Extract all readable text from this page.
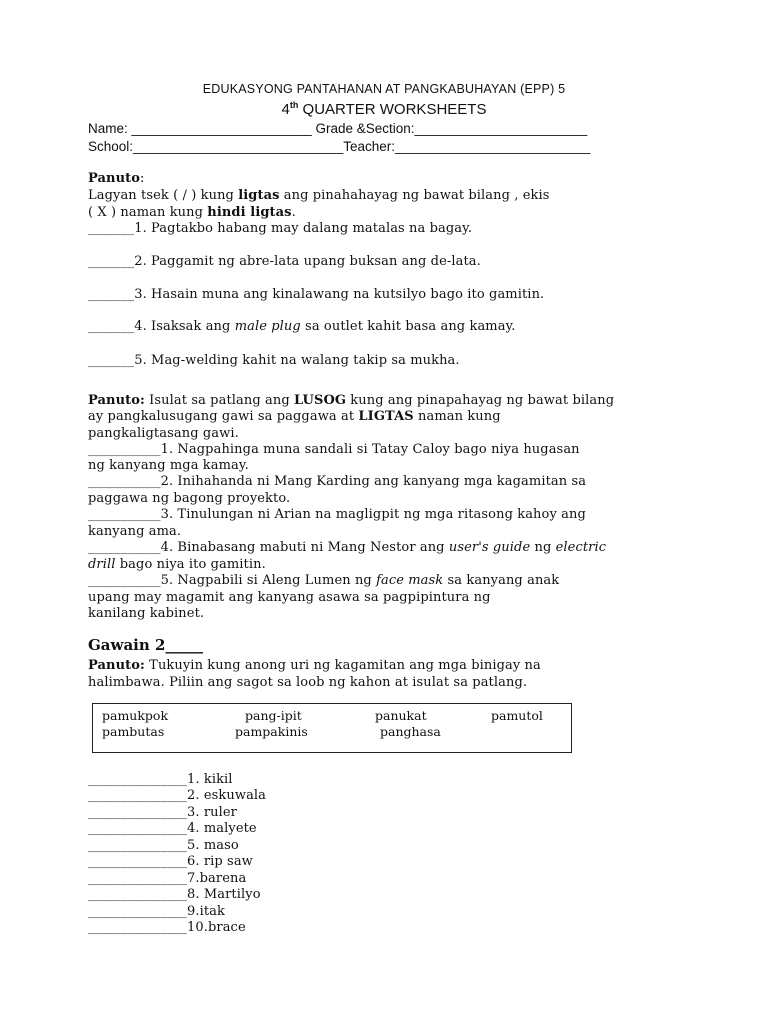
EDUKASYONG PANTAHANAN AT PANGKABUHAYAN (EPP) 5
4th QUARTER WORKSHEETS
Name: ________________________ Grade &Section:_______________________
School:____________________________Teacher:__________________________
Panuto:
Lagyan tsek ( / ) kung ligtas ang pinahahayag ng bawat bilang , ekis
( X ) naman kung hindi ligtas.
_______1. Pagtakbo habang may dalang matalas na bagay.
_______2. Paggamit ng abre-lata upang buksan ang de-lata.
_______3. Hasain muna ang kinalawang na kutsilyo bago ito gamitin.
_______4. Isaksak ang male plug sa outlet kahit basa ang kamay.
_______5. Mag-welding kahit na walang takip sa mukha.
Panuto: Isulat sa patlang ang LUSOG kung ang pinapahayag ng bawat bilang
ay pangkalusugang gawi sa paggawa at LIGTAS naman kung
pangkaligtasang gawi.
___________1. Nagpahinga muna sandali si Tatay Caloy bago niya hugasan
ng kanyang mga kamay.
___________2. Inihahanda ni Mang Karding ang kanyang mga kagamitan sa
paggawa ng bagong proyekto.
___________3. Tinulungan ni Arian na magligpit ng mga ritasong kahoy ang
kanyang ama.
___________4. Binabasang mabuti ni Mang Nestor ang user's guide ng electric
drill bago niya ito gamitin.
___________5. Nagpabili si Aleng Lumen ng face mask sa kanyang anak
upang may magamit ang kanyang asawa sa pagpipintura ng
kanilang kabinet.
Gawain 2_____
Panuto: Tukuyin kung anong uri ng kagamitan ang mga binigay na
halimbawa. Piliin ang sagot sa loob ng kahon at isulat sa patlang.
pamukpok	pang-ipit	panukat	pamutol
pambutas	pampakinis	panghasa
_______________1. kikil
_______________2. eskuwala
_______________3. ruler
_______________4. malyete
_______________5. maso
_______________6. rip saw
_______________7.barena
_______________8. Martilyo
_______________9.itak
_______________10.brace
